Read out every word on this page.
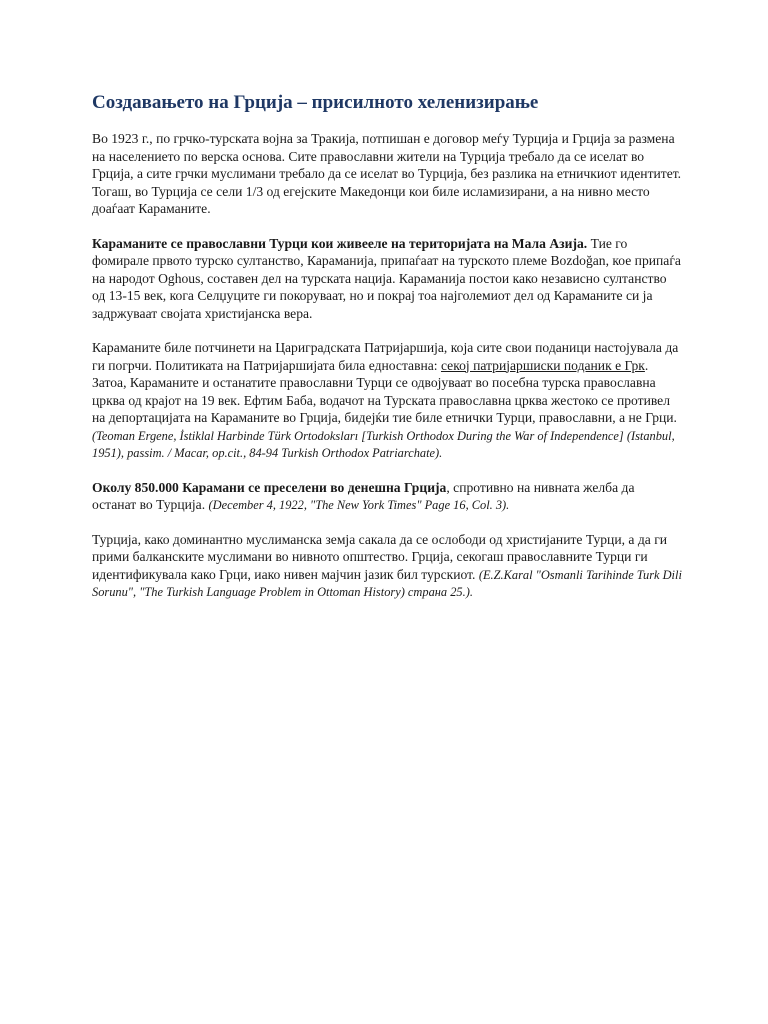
Создавањето на Грција – присилното хеленизирање

Во 1923 г., по грчко-турската војна за Тракија, потпишан е договор меѓу Турција и Грција за размена на населението по верска основа. Сите православни жители на Турција требало да се иселат во Грција, а сите грчки муслимани требало да се иселат во Турција, без разлика на етничкиот идентитет. Тогаш, во Турција се сели 1/3 од егејските Македонци кои биле исламизирани, а на нивно место доаѓаат Караманите.

Караманите се православни Турци кои живееле на територијата на Мала Азија. Тие го фомирале првото турско султанство, Караманија, припаѓаат на турското племе Bozdoğan, кое припаѓа на народот Oghous, составен дел на турската нација. Караманија постои како независно султанство од 13-15 век, кога Селџуците ги покоруваат, но и покрај тоа најголемиот дел од Караманите си ја задржуваат својата христијанска вера.

Караманите биле потчинети на Цариградската Патријаршија, која сите свои поданици настојувала да ги погрчи. Политиката на Патријаршијата била едноставна: секој патријаршиски поданик е Грк. Затоа, Караманите и останатите православни Турци се одвојуваат во посебна турска православна црква од крајот на 19 век. Ефтим Баба, водачот на Турската православна црква жестоко се противел на депортацијата на Караманите во Грција, бидејќи тие биле етнички Турци, православни, а не Грци. (Teoman Ergene, İstiklal Harbinde Türk Ortodoksları [Turkish Orthodox During the War of Independence] (Istanbul, 1951), passim. / Macar, op.cit., 84-94 Turkish Orthodox Patriarchate).

Околу 850.000 Карамани се преселени во денешна Грција, спротивно на нивната желба да останат во Турција. (December 4, 1922, "The New York Times" Page 16, Col. 3).

Турција, како доминантно муслиманска земја сакала да се ослободи од христијаните Турци, а да ги прими балканските муслимани во нивното општество. Грција, секогаш православните Турци ги идентификувала како Грци, иако нивен мајчин јазик бил турскиот. (E.Z.Karal "Osmanli Tarihinde Turk Dili Sorunu", "The Turkish Language Problem in Ottoman History) страна 25.).
